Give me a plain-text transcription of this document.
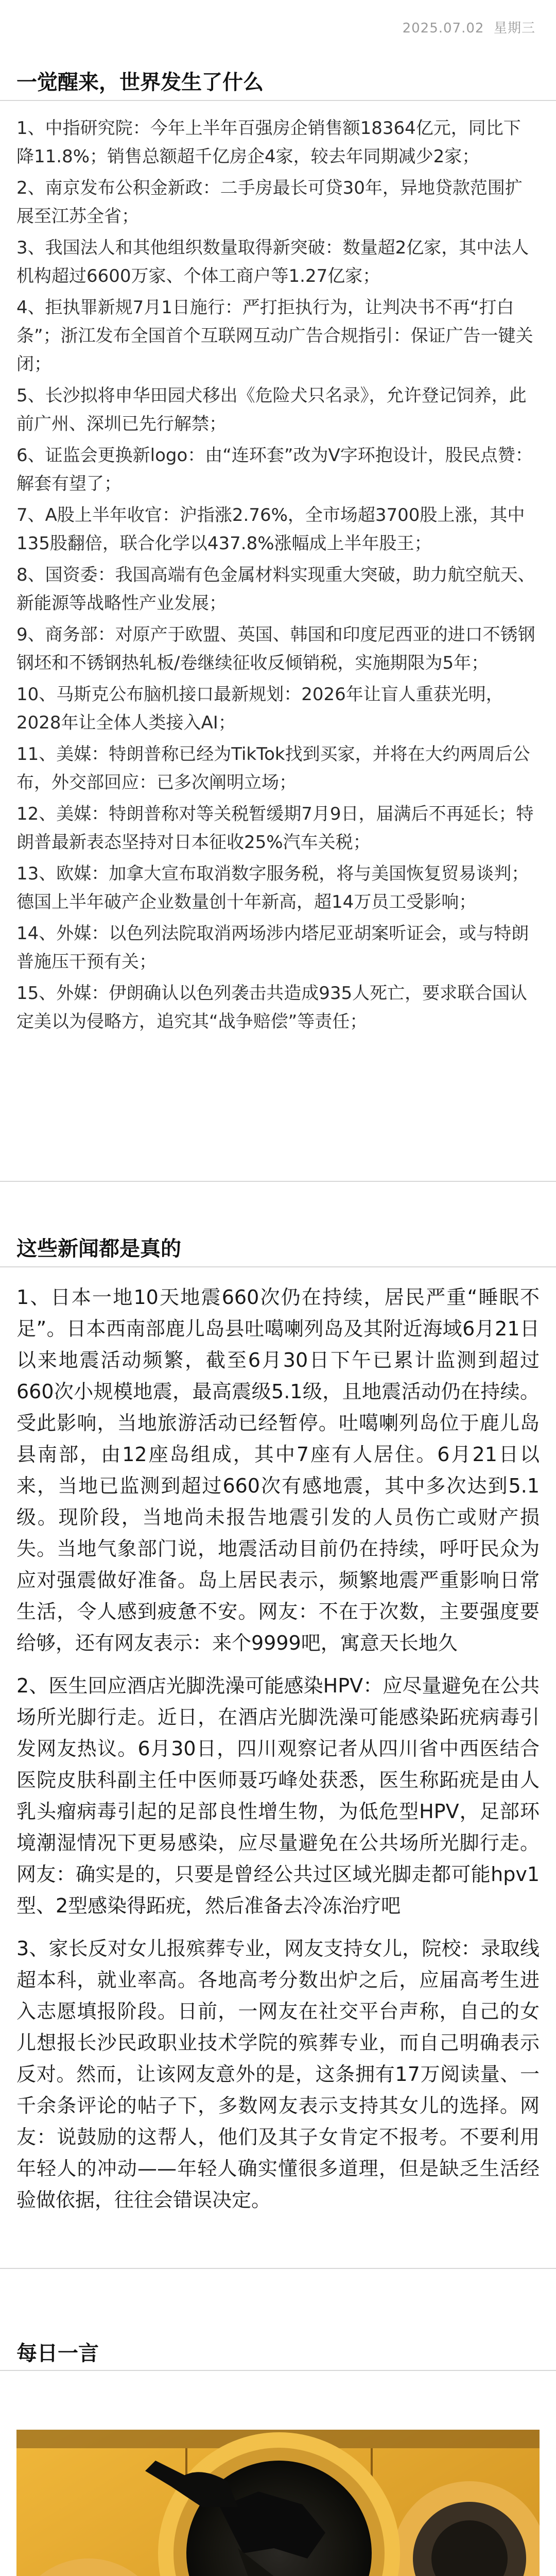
2025.07.02 星期三
一觉醒来，世界发生了什么
1、中指研究院：今年上半年百强房企销售额18364亿元，同比下降11.8%；销售总额超千亿房企4家，较去年同期减少2家；
2、南京发布公积金新政：二手房最长可贷30年，异地贷款范围扩展至江苏全省；
3、我国法人和其他组织数量取得新突破：数量超2亿家，其中法人机构超过6600万家、个体工商户等1.27亿家；
4、拒执罪新规7月1日施行：严打拒执行为，让判决书不再“打白条”；浙江发布全国首个互联网互动广告合规指引：保证广告一键关闭；
5、长沙拟将申华田园犬移出《危险犬只名录》，允许登记饲养，此前广州、深圳已先行解禁；
6、证监会更换新logo：由“连环套”改为V字环抱设计，股民点赞：解套有望了；
7、A股上半年收官：沪指涨2.76%，全市场超3700股上涨，其中135股翻倍，联合化学以437.8%涨幅成上半年股王；
8、国资委：我国高端有色金属材料实现重大突破，助力航空航天、新能源等战略性产业发展；
9、商务部：对原产于欧盟、英国、韩国和印度尼西亚的进口不锈钢钢坯和不锈钢热轧板/卷继续征收反倾销税，实施期限为5年；
10、马斯克公布脑机接口最新规划：2026年让盲人重获光明，2028年让全体人类接入AI；
11、美媒：特朗普称已经为TikTok找到买家，并将在大约两周后公布，外交部回应：已多次阐明立场；
12、美媒：特朗普称对等关税暂缓期7月9日，届满后不再延长；特朗普最新表态坚持对日本征收25%汽车关税；
13、欧媒：加拿大宣布取消数字服务税，将与美国恢复贸易谈判；德国上半年破产企业数量创十年新高，超14万员工受影响；
14、外媒：以色列法院取消两场涉内塔尼亚胡案听证会，或与特朗普施压干预有关；
15、外媒：伊朗确认以色列袭击共造成935人死亡，要求联合国认定美以为侵略方，追究其“战争赔偿”等责任；
这些新闻都是真的

1、日本一地10天地震660次仍在持续，居民严重“睡眠不足”。日本西南部鹿儿岛县吐噶喇列岛及其附近海域6月21日以来地震活动频繁，截至6月30日下午已累计监测到超过660次小规模地震，最高震级5.1级，且地震活动仍在持续。受此影响，当地旅游活动已经暂停。吐噶喇列岛位于鹿儿岛县南部，由12座岛组成，其中7座有人居住。6月21日以来，当地已监测到超过660次有感地震，其中多次达到5.1级。现阶段，当地尚未报告地震引发的人员伤亡或财产损失。当地气象部门说，地震活动目前仍在持续，呼吁民众为应对强震做好准备。岛上居民表示，频繁地震严重影响日常生活，令人感到疲惫不安。网友：不在于次数，主要强度要给够，还有网友表示：来个9999吧，寓意天长地久

2、医生回应酒店光脚洗澡可能感染HPV：应尽量避免在公共场所光脚行走。近日，在酒店光脚洗澡可能感染跖疣病毒引发网友热议。6月30日，四川观察记者从四川省中西医结合医院皮肤科副主任中医师聂巧峰处获悉，医生称跖疣是由人乳头瘤病毒引起的足部良性增生物，为低危型HPV，足部环境潮湿情况下更易感染，应尽量避免在公共场所光脚行走。网友：确实是的，只要是曾经公共过区域光脚走都可能hpv1型、2型感染得跖疣，然后准备去冷冻治疗吧

3、家长反对女儿报殡葬专业，网友支持女儿，院校：录取线超本科，就业率高。各地高考分数出炉之后，应届高考生进入志愿填报阶段。日前，一网友在社交平台声称，自己的女儿想报长沙民政职业技术学院的殡葬专业，而自己明确表示反对。然而，让该网友意外的是，这条拥有17万阅读量、一千余条评论的帖子下，多数网友表示支持其女儿的选择。网友：说鼓励的这帮人，他们及其子女肯定不报考。不要利用年轻人的冲动——年轻人确实懂很多道理，但是缺乏生活经验做依据，往往会错误决定。

每日一言
